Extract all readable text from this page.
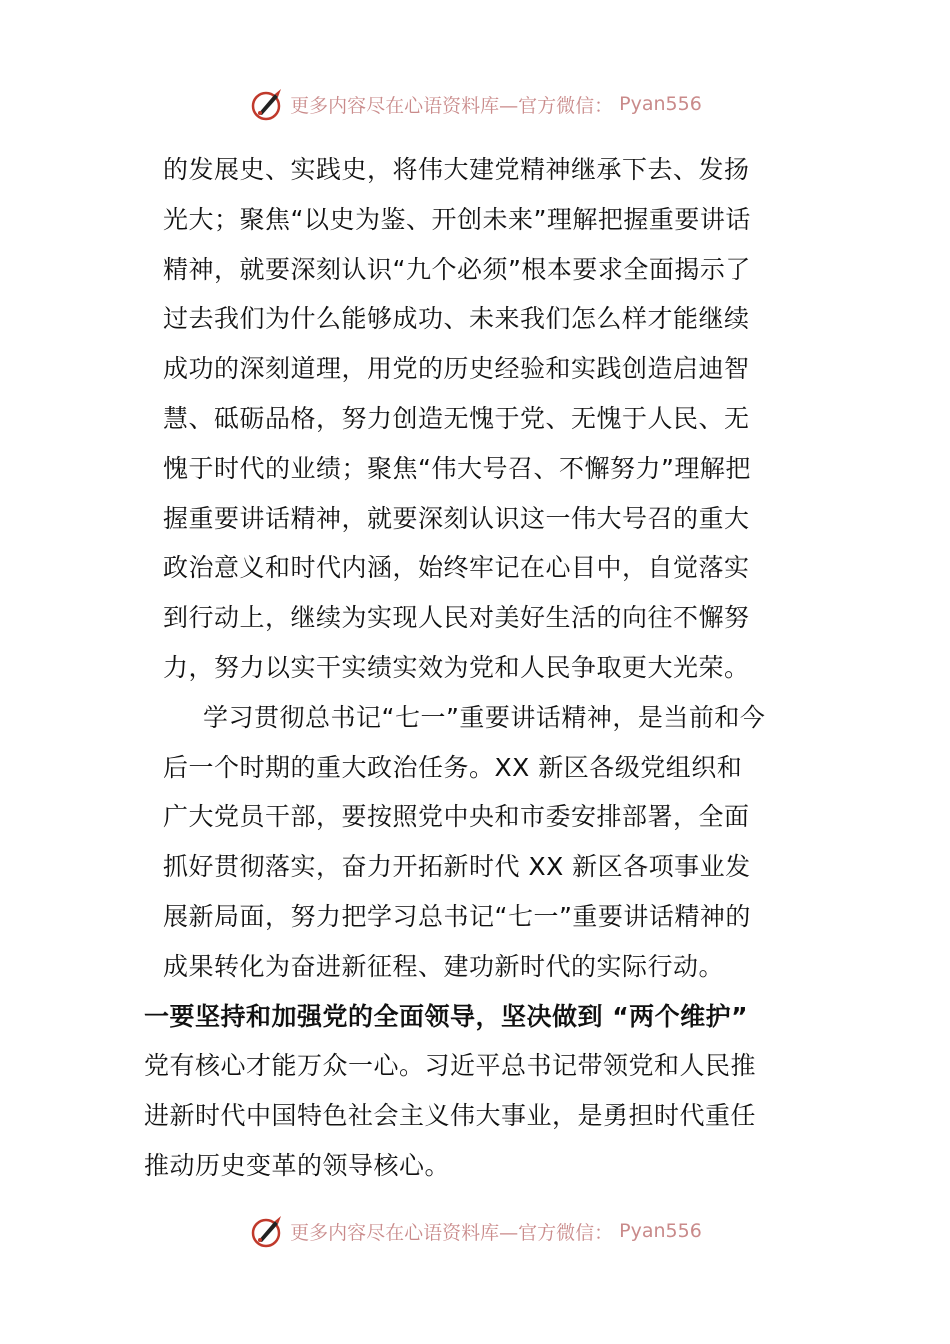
更多内容尽在心语资料库—官方微信： Pyan556
的发展史、实践史，将伟大建党精神继承下去、发扬
光大；聚焦“以史为鉴、开创未来”理解把握重要讲话
精神，就要深刻认识“九个必须”根本要求全面揭示了
过去我们为什么能够成功、未来我们怎么样才能继续
成功的深刻道理，用党的历史经验和实践创造启迪智
慧、砥砺品格，努力创造无愧于党、无愧于人民、无
愧于时代的业绩；聚焦“伟大号召、不懈努力”理解把
握重要讲话精神，就要深刻认识这一伟大号召的重大
政治意义和时代内涵，始终牢记在心目中，自觉落实
到行动上，继续为实现人民对美好生活的向往不懈努
力，努力以实干实绩实效为党和人民争取更大光荣。
学习贯彻总书记“七一”重要讲话精神，是当前和今
后一个时期的重大政治任务。XX 新区各级党组织和
广大党员干部，要按照党中央和市委安排部署，全面
抓好贯彻落实，奋力开拓新时代 XX 新区各项事业发
展新局面，努力把学习总书记“七一”重要讲话精神的
成果转化为奋进新征程、建功新时代的实际行动。
一要坚持和加强党的全面领导，坚决做到 “两个维护”
党有核心才能万众一心。习近平总书记带领党和人民推
进新时代中国特色社会主义伟大事业，是勇担时代重任
推动历史变革的领导核心。
更多内容尽在心语资料库—官方微信： Pyan556
